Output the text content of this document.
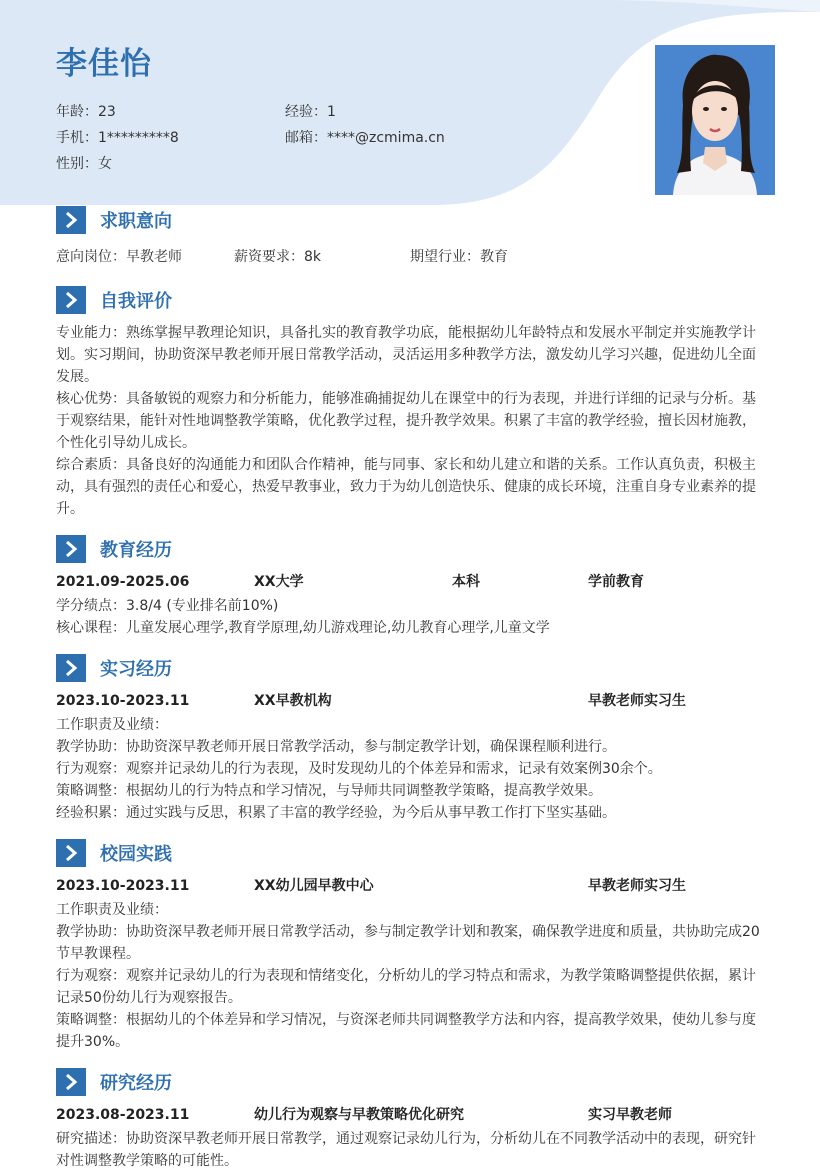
李佳怡
年龄：23	经验：1
手机：1*********8	邮箱：****@zcmima.cn
性别：女
求职意向
意向岗位：早教老师	薪资要求：8k	期望行业：教育
自我评价
专业能力：熟练掌握早教理论知识，具备扎实的教育教学功底，能根据幼儿年龄特点和发展水平制定并实施教学计划。实习期间，协助资深早教老师开展日常教学活动，灵活运用多种教学方法，激发幼儿学习兴趣，促进幼儿全面发展。
核心优势：具备敏锐的观察力和分析能力，能够准确捕捉幼儿在课堂中的行为表现，并进行详细的记录与分析。基于观察结果，能针对性地调整教学策略，优化教学过程，提升教学效果。积累了丰富的教学经验，擅长因材施教，个性化引导幼儿成长。
综合素质：具备良好的沟通能力和团队合作精神，能与同事、家长和幼儿建立和谐的关系。工作认真负责，积极主动，具有强烈的责任心和爱心，热爱早教事业，致力于为幼儿创造快乐、健康的成长环境，注重自身专业素养的提升。
教育经历
2021.09-2025.06	XX大学	本科	学前教育
学分绩点：3.8/4 (专业排名前10%)
核心课程：儿童发展心理学,教育学原理,幼儿游戏理论,幼儿教育心理学,儿童文学
实习经历
2023.10-2023.11	XX早教机构	早教老师实习生
工作职责及业绩：
教学协助：协助资深早教老师开展日常教学活动，参与制定教学计划，确保课程顺利进行。
行为观察：观察并记录幼儿的行为表现，及时发现幼儿的个体差异和需求，记录有效案例30余个。
策略调整：根据幼儿的行为特点和学习情况，与导师共同调整教学策略，提高教学效果。
经验积累：通过实践与反思，积累了丰富的教学经验，为今后从事早教工作打下坚实基础。
校园实践
2023.10-2023.11	XX幼儿园早教中心	早教老师实习生
工作职责及业绩：
教学协助：协助资深早教老师开展日常教学活动，参与制定教学计划和教案，确保教学进度和质量，共协助完成20节早教课程。
行为观察：观察并记录幼儿的行为表现和情绪变化，分析幼儿的学习特点和需求，为教学策略调整提供依据，累计记录50份幼儿行为观察报告。
策略调整：根据幼儿的个体差异和学习情况，与资深老师共同调整教学方法和内容，提高教学效果，使幼儿参与度提升30%。
研究经历
2023.08-2023.11	幼儿行为观察与早教策略优化研究	实习早教老师
研究描述：协助资深早教老师开展日常教学，通过观察记录幼儿行为，分析幼儿在不同教学活动中的表现，研究针对性调整教学策略的可能性。
